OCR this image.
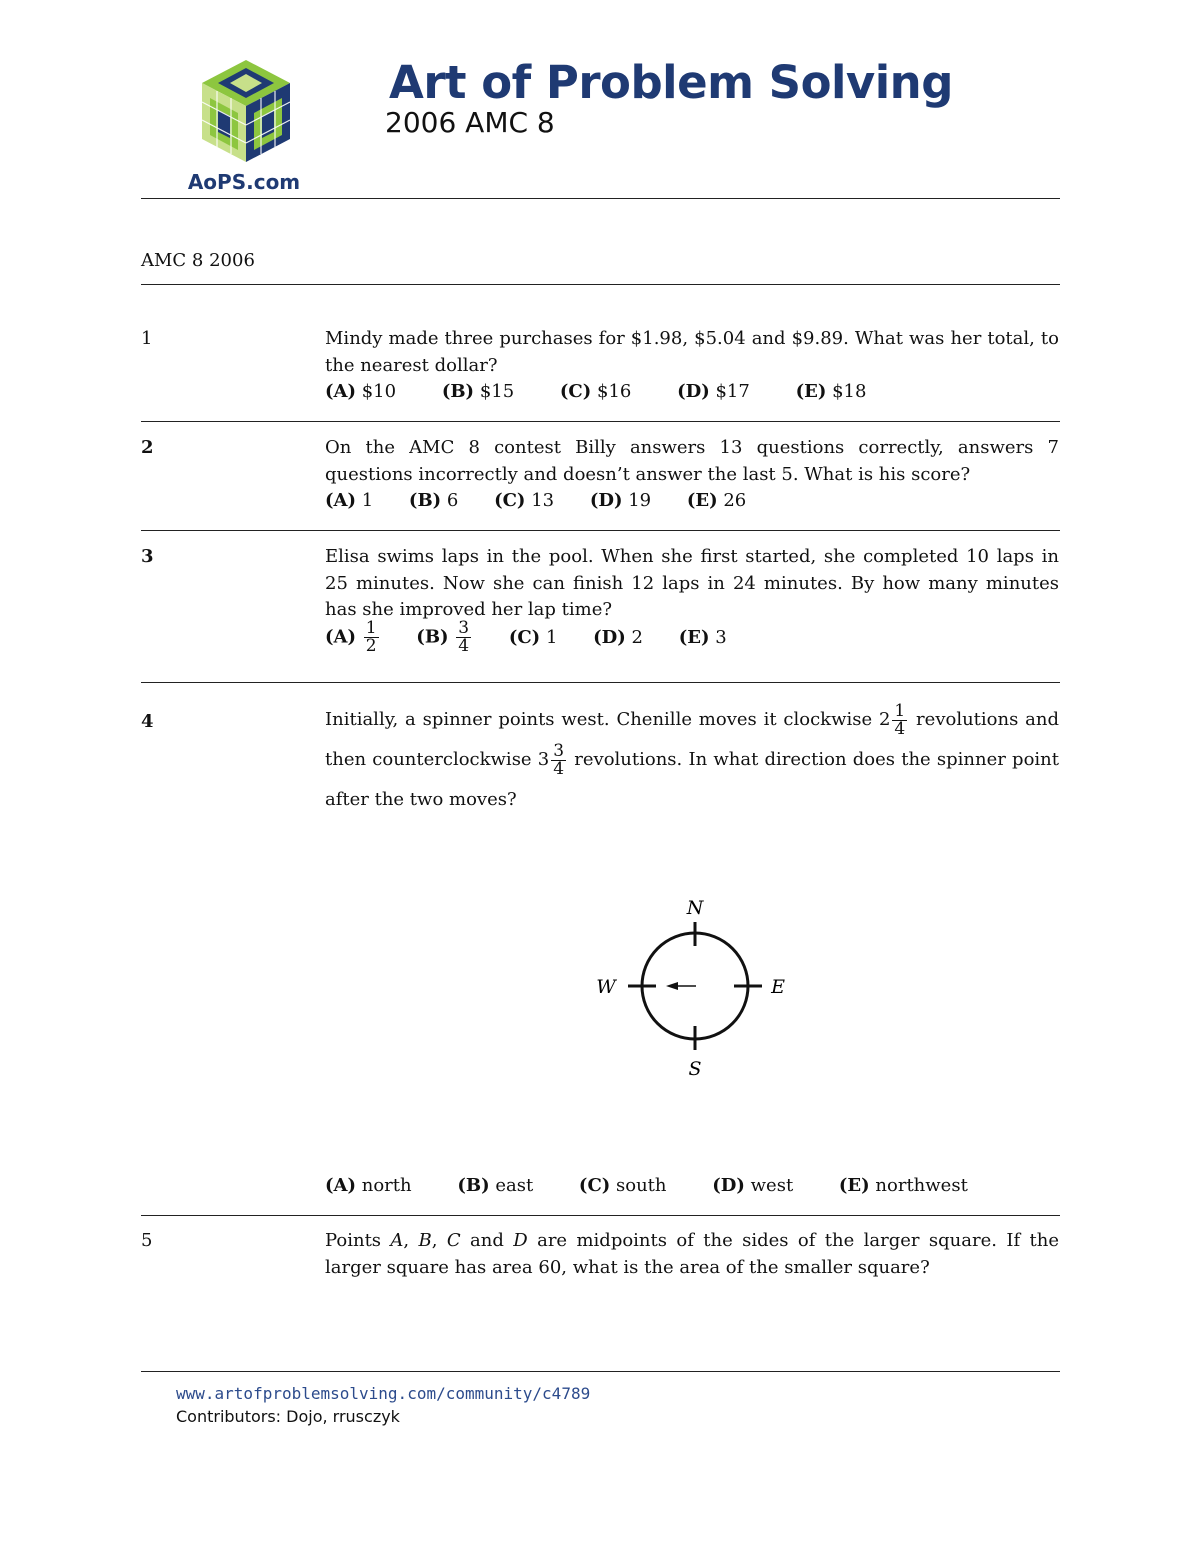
AoPS.com
Art of Problem Solving
2006 AMC 8
AMC 8 2006
1	Mindy made three purchases for $1.98, $5.04 and $9.89. What was her total, to the nearest dollar?
(A) $10	(B) $15	(C) $16	(D) $17	(E) $18
2	On the AMC 8 contest Billy answers 13 questions correctly, answers 7 questions incorrectly and doesn’t answer the last 5. What is his score?
(A) 1 (B) 6 (C) 13 (D) 19 (E) 26
3	Elisa swims laps in the pool. When she first started, she completed 10 laps in 25 minutes. Now she can finish 12 laps in 24 minutes. By how many minutes has she improved her lap time?
$(A) \frac{1}{2} (B) \frac{3}{4} (C)$ 1 (D) 2 (E) 3
4	Initially, a spinner points west. Chenille moves it clockwise $2 \frac{1}{4}$ revolutions and then counterclockwise $3 \frac{3}{4}$ revolutions. In what direction does the spinner point after the two moves?
N
S
W	E
(A) north	(B) east	(C) south	(D) west	(E) northwest
5	Points A, B, C and D are midpoints of the sides of the larger square. If the larger square has area 60, what is the area of the smaller square?
www.artofproblemsolving.com/community/c4789
Contributors: Dojo, rrusczyk
